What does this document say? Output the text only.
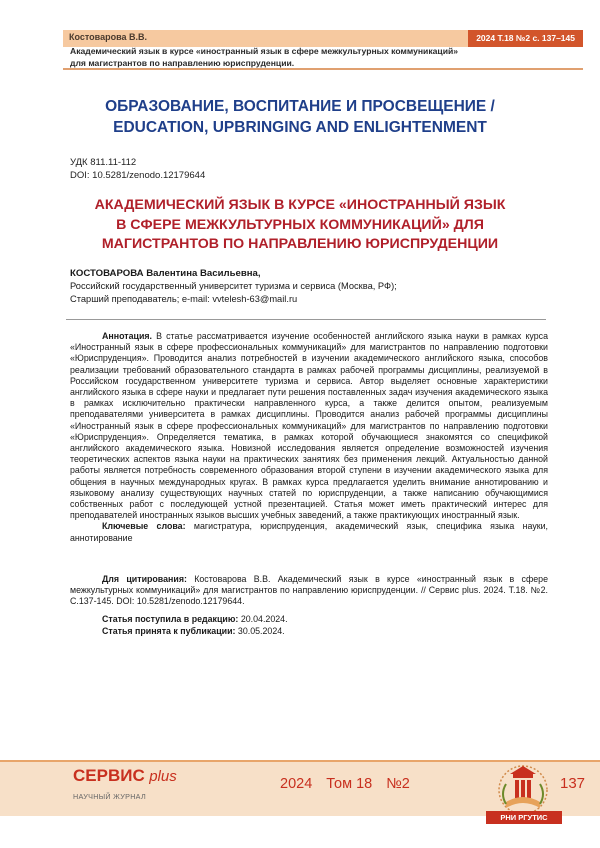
Костоварова В.В.	2024 Т.18 №2 с. 137–145
Академический язык в курсе «иностранный язык в сфере межкультурных коммуникаций»
для магистрантов по направлению юриспруденции.
ОБРАЗОВАНИЕ, ВОСПИТАНИЕ И ПРОСВЕЩЕНИЕ /
EDUCATION, UPBRINGING AND ENLIGHTENMENT
УДК 811.11-112
DOI: 10.5281/zenodo.12179644
АКАДЕМИЧЕСКИЙ ЯЗЫК В КУРСЕ «ИНОСТРАННЫЙ ЯЗЫК
В СФЕРЕ МЕЖКУЛЬТУРНЫХ КОММУНИКАЦИЙ» ДЛЯ
МАГИСТРАНТОВ ПО НАПРАВЛЕНИЮ ЮРИСПРУДЕНЦИИ
КОСТОВАРОВА Валентина Васильевна,
Российский государственный университет туризма и сервиса (Москва, РФ);
Старший преподаватель; e-mail: vvtelesh-63@mail.ru

Аннотация. В статье рассматривается изучение особенностей английского языка науки в рамках курса «Иностранный язык в сфере профессиональных коммуникаций» для магистрантов по направлению подготовки «Юриспруденция». Проводится анализ потребностей в изучении академического английского языка, способов реализации требований образовательного стандарта в рамках рабочей программы дисциплины, реализуемой в Российском государственном университете туризма и сервиса. Автор выделяет основные характеристики английского языка в сфере науки и предлагает пути решения поставленных задач изучения академического языка в рамках исключительно практически направленного курса, а также делится опытом, реализуемым преподавателями университета в рамках дисциплины. Проводится анализ рабочей программы дисциплины «Иностранный язык в сфере профессиональных коммуникаций» для магистрантов по направлению подготовки «Юриспруденция». Определяется тематика, в рамках которой обучающиеся знакомятся со спецификой английского академического языка. Новизной исследования является определение возможностей изучения теоретических аспектов языка науки на практических занятиях без применения лекций. Актуальностью данной работы является потребность современного образования второй ступени в изучении академического языка для общения в научных международных кругах. В рамках курса предлагается уделить внимание аннотированию и языковому анализу существующих научных статей по юриспруденции, а также написанию обучающимися собственных работ с последующей устной презентацией. Статья может иметь практический интерес для преподавателей иностранных языков высших учебных заведений, а также практикующих иностранный язык.

Ключевые слова: магистратура, юриспруденция, академический язык, специфика языка науки, аннотирование

Для цитирования: Костоварова В.В. Академический язык в курсе «иностранный язык в сфере межкультурных коммуникаций» для магистрантов по направлению юриспруденции. // Сервис plus. 2024. Т.18. №2. С.137-145. DOI: 10.5281/zenodo.12179644.

Статья поступила в редакцию: 20.04.2024.
Статья принята к публикации: 30.05.2024.
СЕРВИС plus
НАУЧНЫЙ ЖУРНАЛ
2024 Том 18 №2
РНИ РГУТИС
137
